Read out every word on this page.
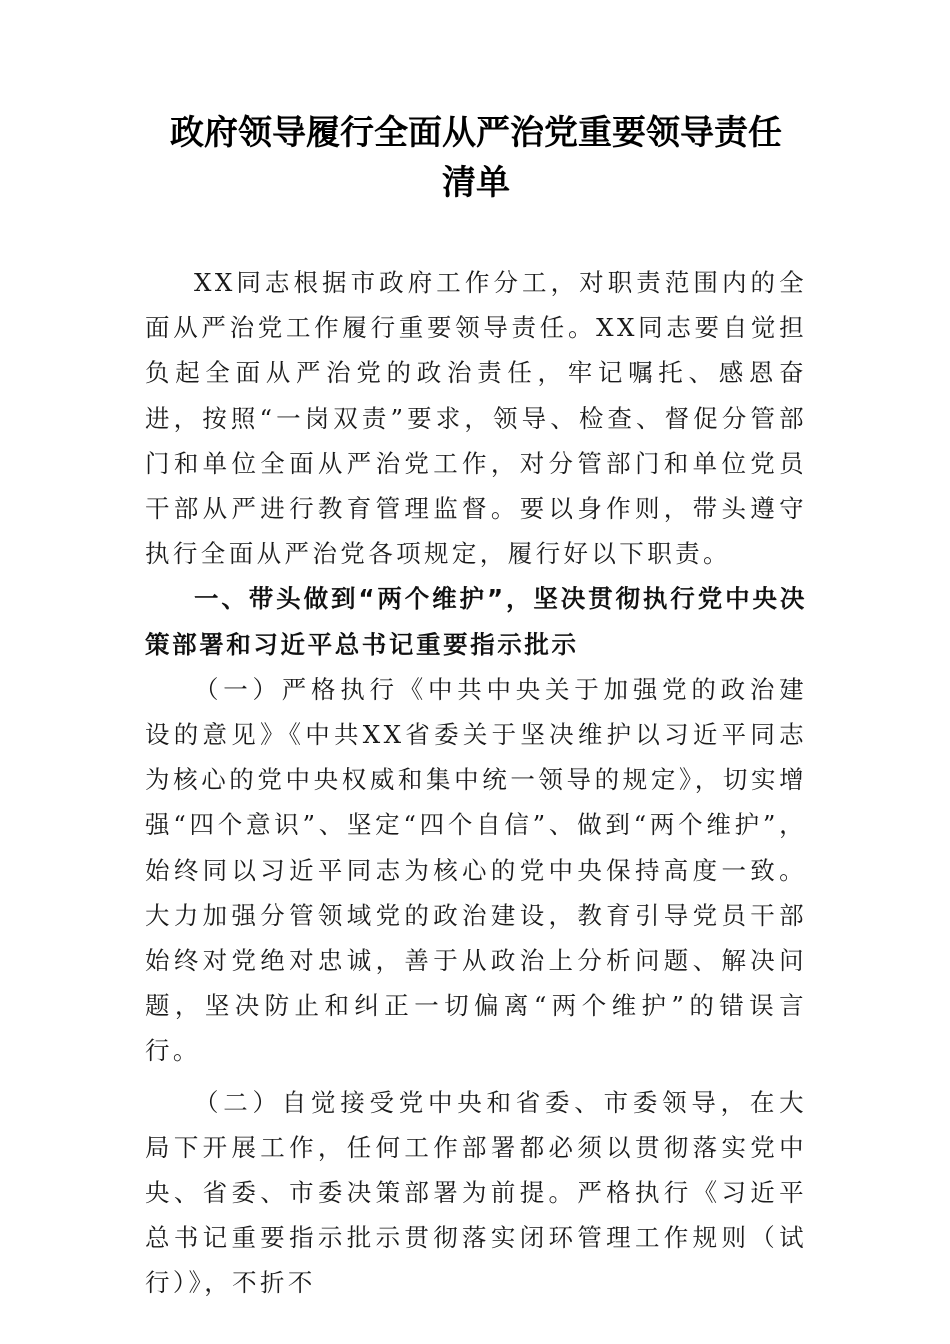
政府领导履行全面从严治党重要领导责任
清单

XX同志根据市政府工作分工，对职责范围内的全面从严治党工作履行重要领导责任。XX同志要自觉担负起全面从严治党的政治责任，牢记嘱托、感恩奋进，按照“一岗双责”要求，领导、检查、督促分管部门和单位全面从严治党工作，对分管部门和单位党员干部从严进行教育管理监督。要以身作则，带头遵守执行全面从严治党各项规定，履行好以下职责。

一、带头做到“两个维护”，坚决贯彻执行党中央决策部署和习近平总书记重要指示批示

（一）严格执行《中共中央关于加强党的政治建设的意见》《中共XX省委关于坚决维护以习近平同志为核心的党中央权威和集中统一领导的规定》，切实增强“四个意识”、坚定“四个自信”、做到“两个维护”，始终同以习近平同志为核心的党中央保持高度一致。大力加强分管领域党的政治建设，教育引导党员干部始终对党绝对忠诚，善于从政治上分析问题、解决问题，坚决防止和纠正一切偏离“两个维护”的错误言行。

（二）自觉接受党中央和省委、市委领导，在大局下开展工作，任何工作部署都必须以贯彻落实党中央、省委、市委决策部署为前提。严格执行《习近平总书记重要指示批示贯彻落实闭环管理工作规则（试行）》，不折不
